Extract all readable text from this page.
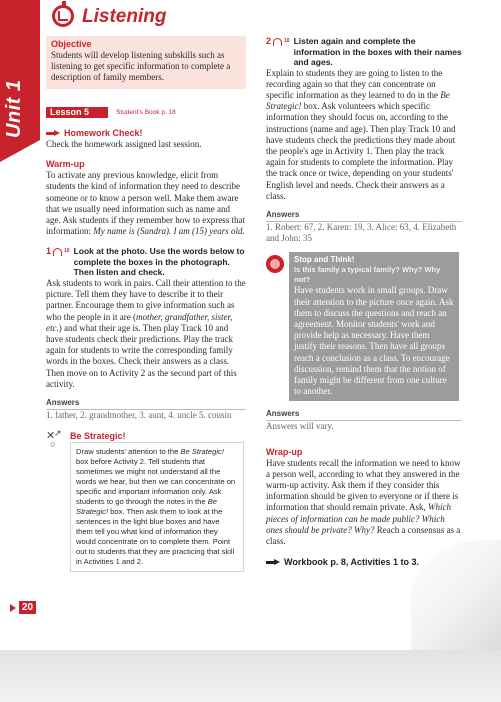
Unit 1
Listening
Objective
Students will develop listening subskills such as listening to get specific information to complete a description of family members.
Lesson 5	Student's Book p. 18
Homework Check!
Check the homework assigned last session.
Warm-up
To activate any previous knowledge, elicit from students the kind of information they need to describe someone or to know a person well. Make them aware that we usually need information such as name and age. Ask students if they remember how to express that information: My name is (Sandra). I am (15) years old.
1	10 Look at the photo. Use the words below to complete the boxes in the photograph. Then listen and check.
Ask students to work in pairs. Call their attention to the picture. Tell them they have to describe it to their partner. Encourage them to give information such as who the people in it are (mother, grandfather, sister, etc.) and what their age is. Then play Track 10 and have students check their predictions. Play the track again for students to write the corresponding family words in the boxes. Check their answers as a class. Then move on to Activity 2 as the second part of this activity.
Answers
1. father, 2. grandmother, 3. aunt, 4. uncle 5. cousin
✕
↗
○
Be Strategic!
Draw students' attention to the Be Strategic! box before Activity 2. Tell students that sometimes we might not understand all the words we hear, but then we can concentrate on specific and important information only. Ask students to go through the notes in the Be Strategic! box. Then ask them to look at the sentences in the light blue boxes and have them tell you what kind of information they would concentrate on to complete them. Point out to students that they are practicing that skill in Activities 1 and 2.
2	10 Listen again and complete the information in the boxes with their names and ages.
Explain to students they are going to listen to the recording again so that they can concentrate on specific information as they learned to do in the Be Strategic! box. Ask volunteers which specific information they should focus on, according to the instructions (name and age). Then play Track 10 and have students check the predictions they made about the people's age in Activity 1. Then play the track again for students to complete the information. Play the track once or twice, depending on your students' English level and needs. Check their answers as a class.
Answers
1. Robert: 67, 2. Karen: 19, 3. Alice: 63, 4. Elizabeth and John: 35
Stop and Think!
Is this family a typical family? Why? Why not?
Have students work in small groups. Draw their attention to the picture once again. Ask them to discuss the questions and reach an agreement. Monitor students' work and provide help as necessary. Have them justify their reasons. Then have all groups reach a conclusion as a class. To encourage discussion, remind them that the notion of family might be different from one culture to another.
Answers
Answers will vary.
Wrap-up
Have students recall the information we need to know a person well, according to what they answered in the warm-up activity. Ask them if they consider this information should be given to everyone or if there is information that should remain private. Ask, Which pieces of information can be made public? Which ones should be private? Why? Reach a consensus as a class.
Workbook p. 8, Activities 1 to 3.
20
